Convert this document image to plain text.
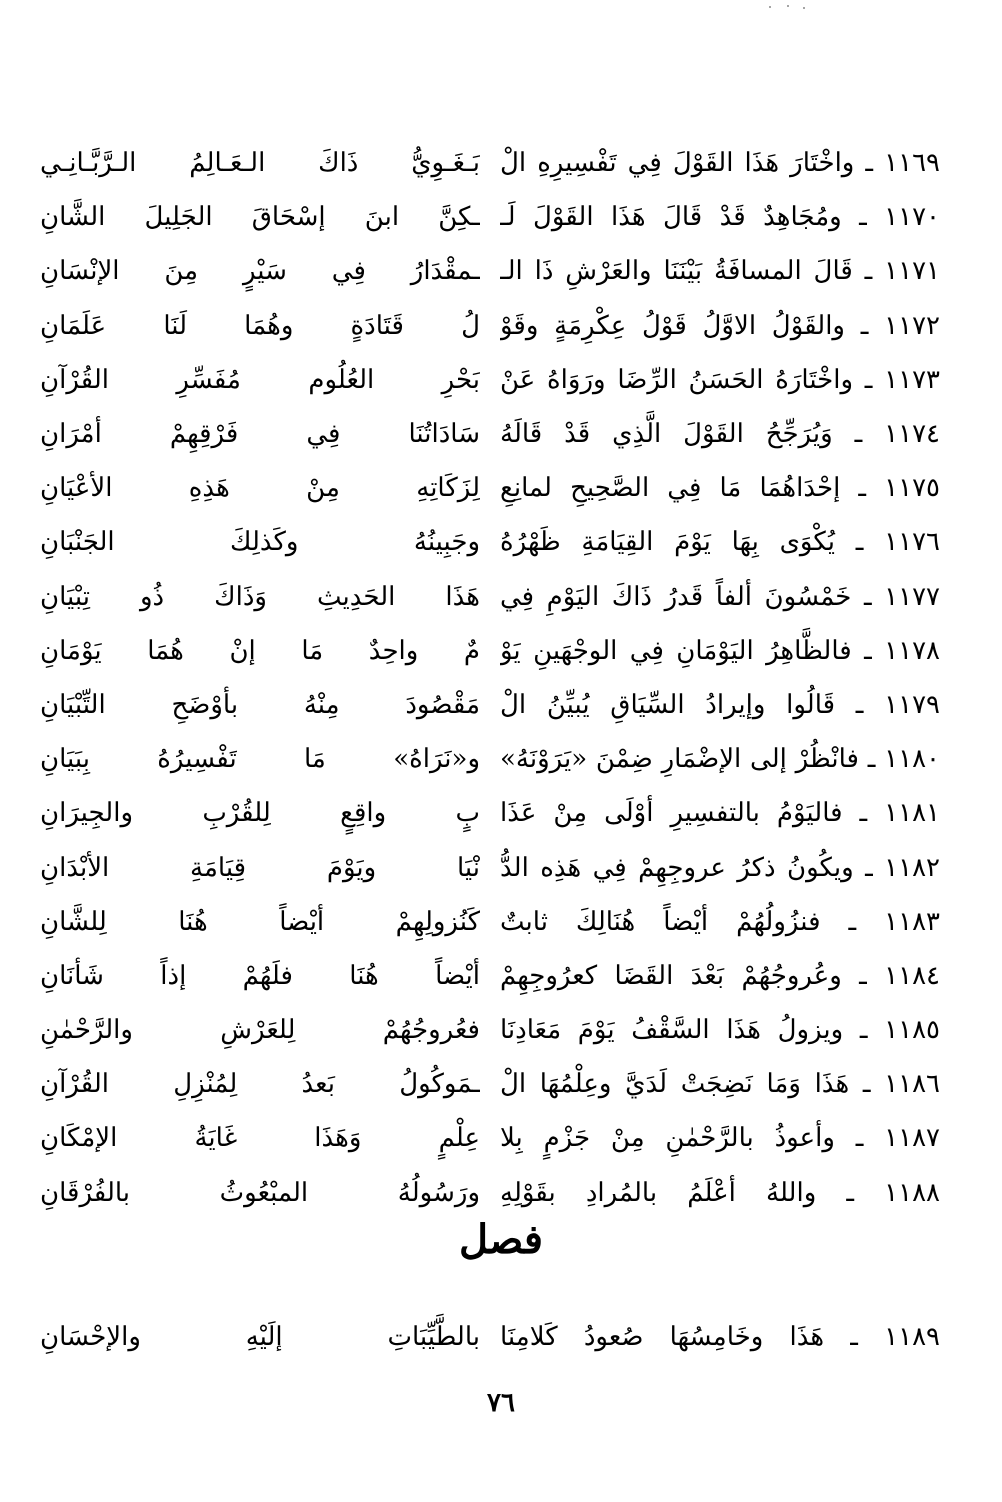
١١٦٩ ـ واخْتَارَ هَذَا القَوْلَ فِي تَفْسِيرِهِ الْ
بَـغَـوِيُّ ذَاكَ الـعَـالِمُ الـرَّبَّـانِـي
١١٧٠ ـ ومُجَاهِدٌ قَدْ قَالَ هَذَا القَوْلَ لَـ
ـكِنَّ ابنَ إسْحَاقَ الجَلِيلَ الشَّانِ
١١٧١ ـ قَالَ المسافَةُ بَيْنَنَا والعَرْشِ ذَا الـ
ـمقْدَارُ فِي سَيْرٍ مِنَ الإنْسَانِ
١١٧٢ ـ والقَوْلُ الاوَّلُ قَوْلُ عِكْرِمَةٍ وقَوْ
لُ قَتَادَةٍ وهُمَا لَنَا عَلَمَانِ
١١٧٣ ـ واخْتَارَهُ الحَسَنُ الرِّضَا ورَوَاهُ عَنْ
بَحْرِ العُلُوم مُفَسِّرِ القُرْآنِ
١١٧٤ ـ وَيُرَجِّحُ القَوْلَ الَّذِي قَدْ قَالَهُ
سَادَاتُنَا فِي فَرْقِهِمْ أمْرَانِ
١١٧٥ ـ إحْدَاهُمَا مَا فِي الصَّحِيحِ لمانِعِ
لِزَكَاتِهِ مِنْ هَذِهِ الأعْيَانِ
١١٧٦ ـ يُكْوَى بِهَا يَوْمَ القِيَامَةِ ظَهْرُهُ
وجَبِينُهُ وكَذلِكَ الجَنْبَانِ
١١٧٧ ـ خَمْسُونَ ألفاً قَدرُ ذَاكَ اليَوْمِ فِي
هَذَا الحَدِيثِ وَذَاكَ ذُو تِبْيَانِ
١١٧٨ ـ فالظَّاهِرُ اليَوْمَانِ فِي الوجْهَينِ يَوْ
مٌ واحِدٌ مَا إنْ هُمَا يَوْمَانِ
١١٧٩ ـ قَالُوا وإيرادُ السِّيَاقِ يُبيِّنُ الْ
مَقْصُودَ مِنْهُ بأوْضَحِ التِّبْيَانِ
١١٨٠ ـ فانْظُرْ إلى الإضْمَارِ ضِمْنَ «يَرَوْنَهُ»
و«نَرَاهُ» مَا تَفْسِيرُهُ بِبَيَانِ
١١٨١ ـ فاليَوْمُ بالتفسِيرِ أوْلَى مِنْ عَذَا
بٍ واقِعٍ لِلقُرْبِ والجِيرَانِ
١١٨٢ ـ ويكُونُ ذكرُ عروجِهِمْ فِي هَذِه الدُّ
نْيَا ويَوْمَ قِيَامَةِ الأبْدَانِ
١١٨٣ ـ فنزُولُهُمْ أيْضاً هُنَالِكَ ثابتٌ
كَنُزولِهِمْ أيْضاً هُنَا لِلشَّانِ
١١٨٤ ـ وعُروجُهُمْ بَعْدَ القَضَا كعرُوجِهِمْ
أيْضاً هُنَا فلَهُمْ إذاً شَأنَانِ
١١٨٥ ـ ويزولُ هَذَا السَّقْفُ يَوْمَ مَعَادِنَا
فعُروجُهُمْ لِلعَرْشِ والرَّحْمٰنِ
١١٨٦ ـ هَذَا وَمَا نَضِجَتْ لَدَيَّ وعِلْمُهَا الْ
ـمَوكُولُ بَعدُ لِمُنْزِلِ القُرْآنِ
١١٨٧ ـ وأعوذُ بالرَّحْمٰنِ مِنْ جَزْمٍ بِلا
عِلْمٍ وَهَذَا غَايَةُ الإمْكَانِ
١١٨٨ ـ واللهُ أعْلَمُ بالمُرادِ بقَوْلِهِ
ورَسُولُهُ المبْعُوثُ بالفُرْقَانِ
فصل
١١٨٩ ـ هَذَا وخَامِسُهَا صُعودُ كَلامِنَا
بالطَّيِّبَاتِ إلَيْهِ والإحْسَانِ
٧٦
